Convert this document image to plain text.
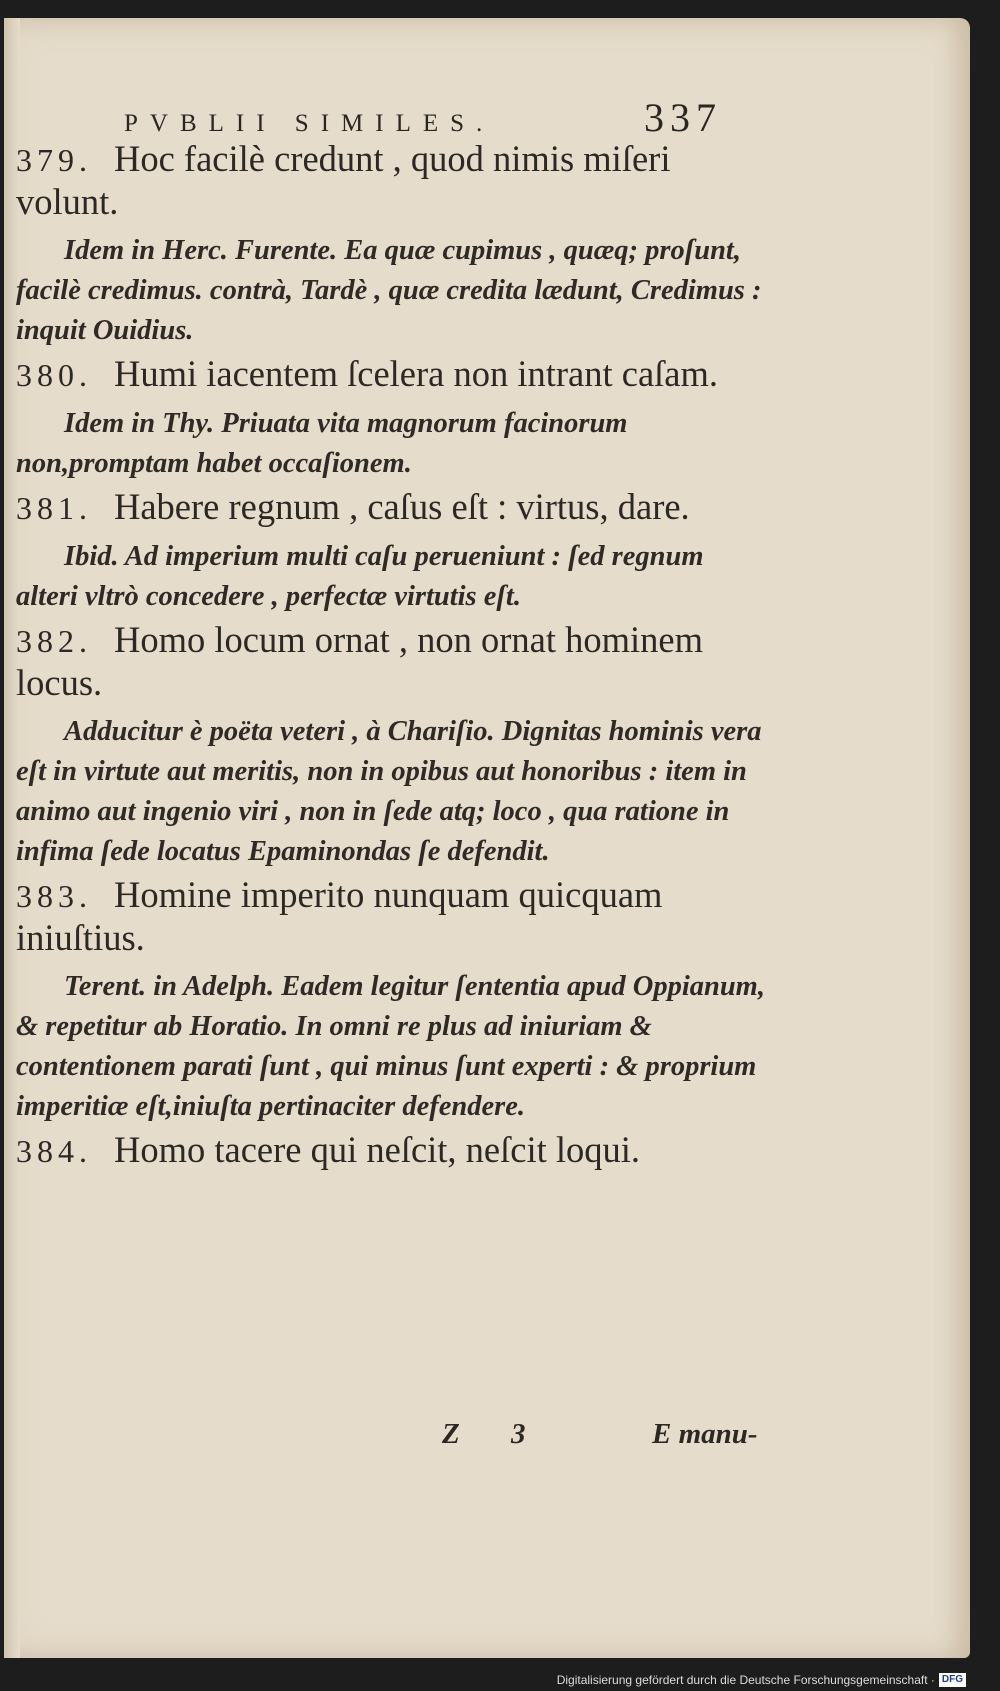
PVBLII SIMILES.	337

379. Hoc facilè credunt , quod nimis miſeri volunt.

Idem in Herc. Furente. Ea quæ cupimus , quæq; proſunt, facilè credimus. contrà, Tardè , quæ credita lædunt, Credimus : inquit Ouidius.

380. Humi iacentem ſcelera non intrant caſam.

Idem in Thy. Priuata vita magnorum facinorum non,promptam habet occaſionem.

381. Habere regnum , caſus eſt : virtus, dare.

Ibid. Ad imperium multi caſu perueniunt : ſed regnum alteri vltrò concedere , perfectæ virtutis eſt.

382. Homo locum ornat , non ornat hominem locus.

Adducitur è poëta veteri , à Chariſio. Dignitas hominis vera eſt in virtute aut meritis, non in opibus aut honoribus : item in animo aut ingenio viri , non in ſede atq; loco , qua ratione in infima ſede locatus Epaminondas ſe defendit.

383. Homine imperito nunquam quicquam iniuſtius.

Terent. in Adelph. Eadem legitur ſententia apud Oppianum, & repetitur ab Horatio. In omni re plus ad iniuriam & contentionem parati ſunt , qui minus ſunt experti : & proprium imperitiæ eſt,iniuſta pertinaciter defendere.

384. Homo tacere qui neſcit, neſcit loqui.

Z 3	E manu-
Digitalisierung gefördert durch die Deutsche Forschungsgemeinschaft · DFG
